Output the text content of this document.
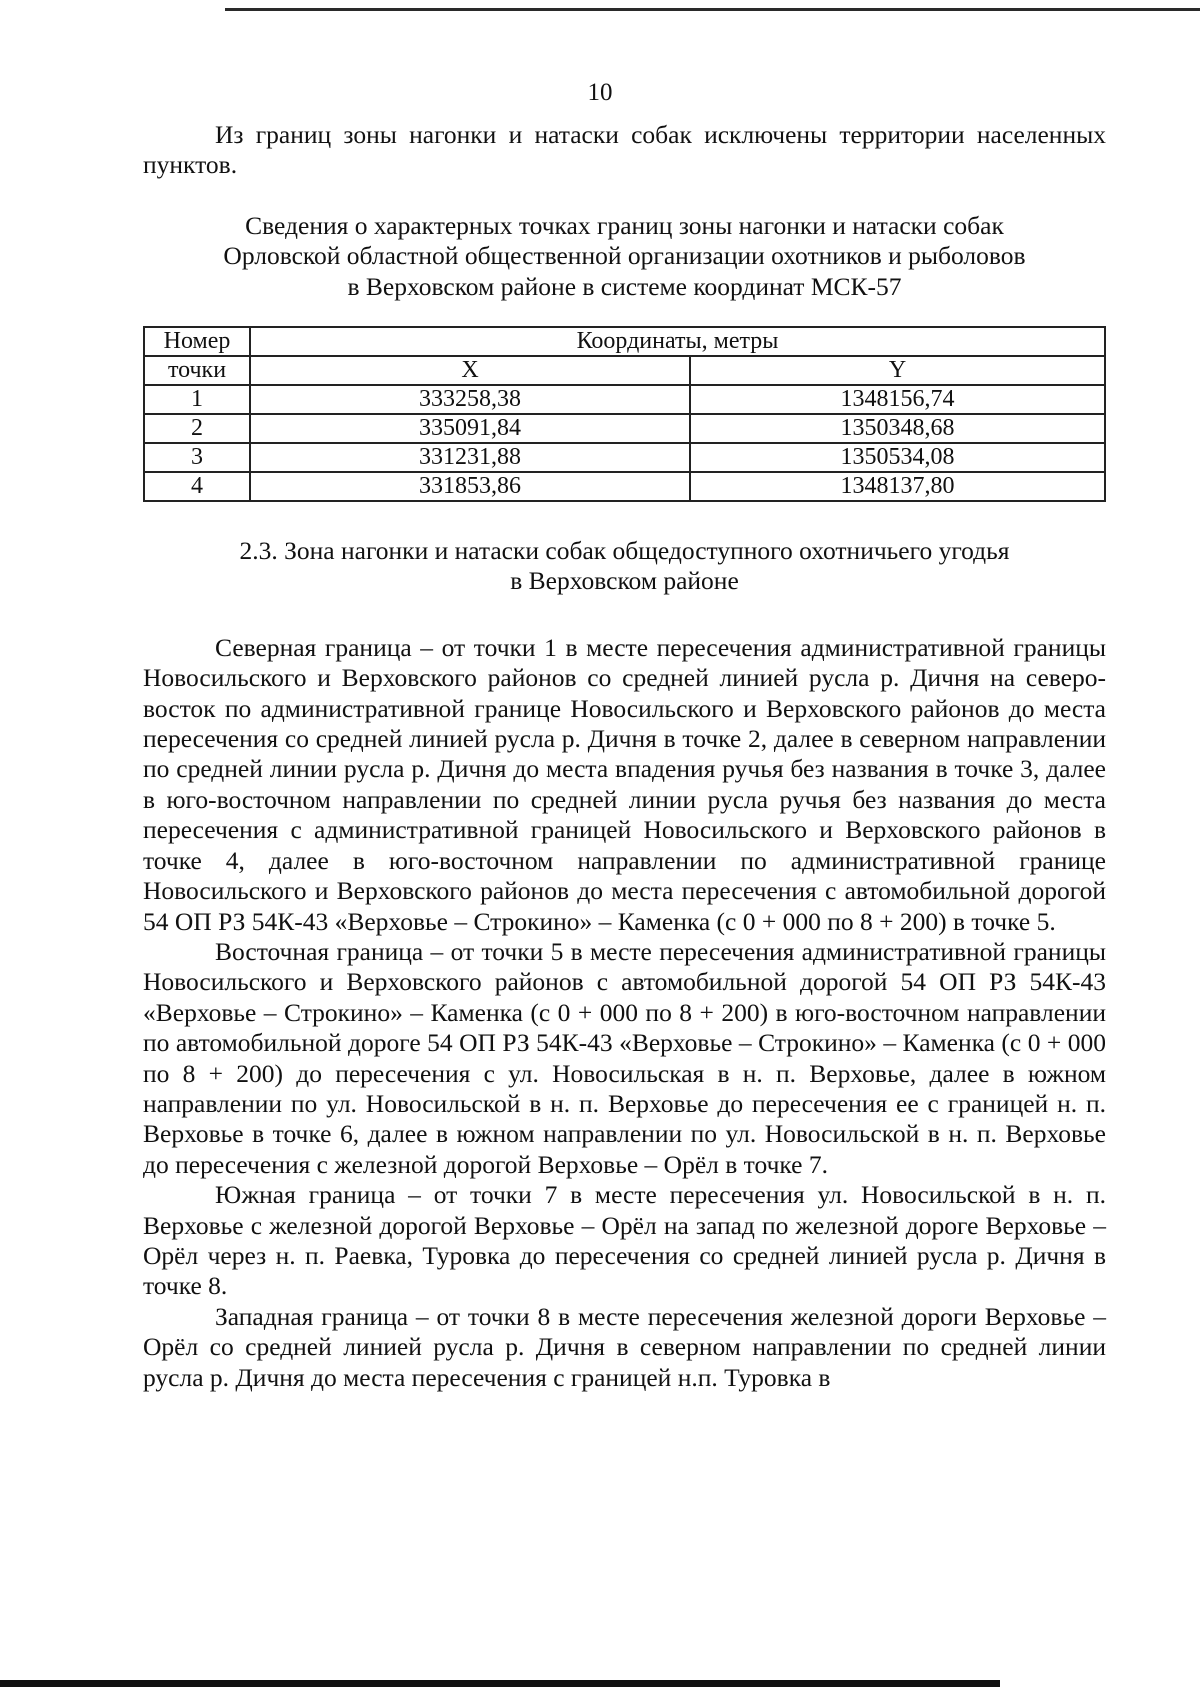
10

Из границ зоны нагонки и натаски собак исключены территории населенных пунктов.

Сведения о характерных точках границ зоны нагонки и натаски собак
Орловской областной общественной организации охотников и рыболовов
в Верховском районе в системе координат МСК-57

Номер	Координаты, метры	
точки	X	Y
1	333258,38	1348156,74
2	335091,84	1350348,68
3	331231,88	1350534,08
4	331853,86	1348137,80

2.3. Зона нагонки и натаски собак общедоступного охотничьего угодья
в Верховском районе

Северная граница – от точки 1 в месте пересечения административной границы Новосильского и Верховского районов со средней линией русла р. Дичня на северо-восток по административной границе Новосильского и Верховского районов до места пересечения со средней линией русла р. Дичня в точке 2, далее в северном направлении по средней линии русла р. Дичня до места впадения ручья без названия в точке 3, далее в юго-восточном направлении по средней линии русла ручья без названия до места пересечения с административной границей Новосильского и Верховского районов в точке 4, далее в юго-восточном направлении по административной границе Новосильского и Верховского районов до места пересечения с автомобильной дорогой 54 ОП РЗ 54К-43 «Верховье – Строкино» – Каменка (с 0 + 000 по 8 + 200) в точке 5.

Восточная граница – от точки 5 в месте пересечения административной границы Новосильского и Верховского районов с автомобильной дорогой 54 ОП РЗ 54К-43 «Верховье – Строкино» – Каменка (с 0 + 000 по 8 + 200) в юго-восточном направлении по автомобильной дороге 54 ОП РЗ 54К-43 «Верховье – Строкино» – Каменка (с 0 + 000 по 8 + 200) до пересечения с ул. Новосильская в н. п. Верховье, далее в южном направлении по ул. Новосильской в н. п. Верховье до пересечения ее с границей н. п. Верховье в точке 6, далее в южном направлении по ул. Новосильской в н. п. Верховье до пересечения с железной дорогой Верховье – Орёл в точке 7.

Южная граница – от точки 7 в месте пересечения ул. Новосильской в н. п. Верховье с железной дорогой Верховье – Орёл на запад по железной дороге Верховье – Орёл через н. п. Раевка, Туровка до пересечения со средней линией русла р. Дичня в точке 8.

Западная граница – от точки 8 в месте пересечения железной дороги Верховье – Орёл со средней линией русла р. Дичня в северном направлении по средней линии русла р. Дичня до места пересечения с границей н.п. Туровка в
